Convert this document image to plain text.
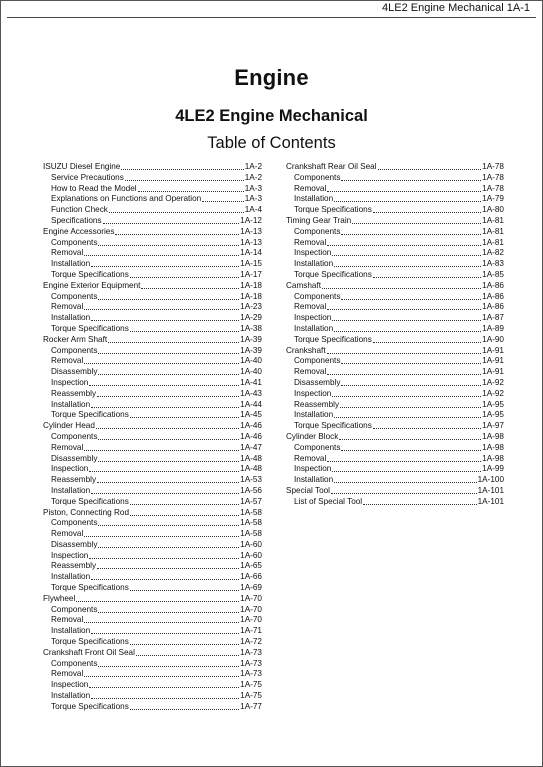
4LE2 Engine Mechanical 1A-1
Engine
4LE2 Engine Mechanical
Table of Contents
ISUZU Diesel Engine	1A-2
Service Precautions	1A-2
How to Read the Model	1A-3
Explanations on Functions and Operation	1A-3
Function Check	1A-4
Specifications	1A-12
Engine Accessories	1A-13
Components	1A-13
Removal	1A-14
Installation	1A-15
Torque Specifications	1A-17
Engine Exterior Equipment	1A-18
Components	1A-18
Removal	1A-23
Installation	1A-29
Torque Specifications	1A-38
Rocker Arm Shaft	1A-39
Components	1A-39
Removal	1A-40
Disassembly	1A-40
Inspection	1A-41
Reassembly	1A-43
Installation	1A-44
Torque Specifications	1A-45
Cylinder Head	1A-46
Components	1A-46
Removal	1A-47
Disassembly	1A-48
Inspection	1A-48
Reassembly	1A-53
Installation	1A-56
Torque Specifications	1A-57
Piston, Connecting Rod	1A-58
Components	1A-58
Removal	1A-58
Disassembly	1A-60
Inspection	1A-60
Reassembly	1A-65
Installation	1A-66
Torque Specifications	1A-69
Flywheel	1A-70
Components	1A-70
Removal	1A-70
Installation	1A-71
Torque Specifications	1A-72
Crankshaft Front Oil Seal	1A-73
Components	1A-73
Removal	1A-73
Inspection	1A-75
Installation	1A-75
Torque Specifications	1A-77
Crankshaft Rear Oil Seal	1A-78
Components	1A-78
Removal	1A-78
Installation	1A-79
Torque Specifications	1A-80
Timing Gear Train	1A-81
Components	1A-81
Removal	1A-81
Inspection	1A-82
Installation	1A-83
Torque Specifications	1A-85
Camshaft	1A-86
Components	1A-86
Removal	1A-86
Inspection	1A-87
Installation	1A-89
Torque Specifications	1A-90
Crankshaft	1A-91
Components	1A-91
Removal	1A-91
Disassembly	1A-92
Inspection	1A-92
Reassembly	1A-95
Installation	1A-95
Torque Specifications	1A-97
Cylinder Block	1A-98
Components	1A-98
Removal	1A-98
Inspection	1A-99
Installation	1A-100
Special Tool	1A-101
List of Special Tool	1A-101
